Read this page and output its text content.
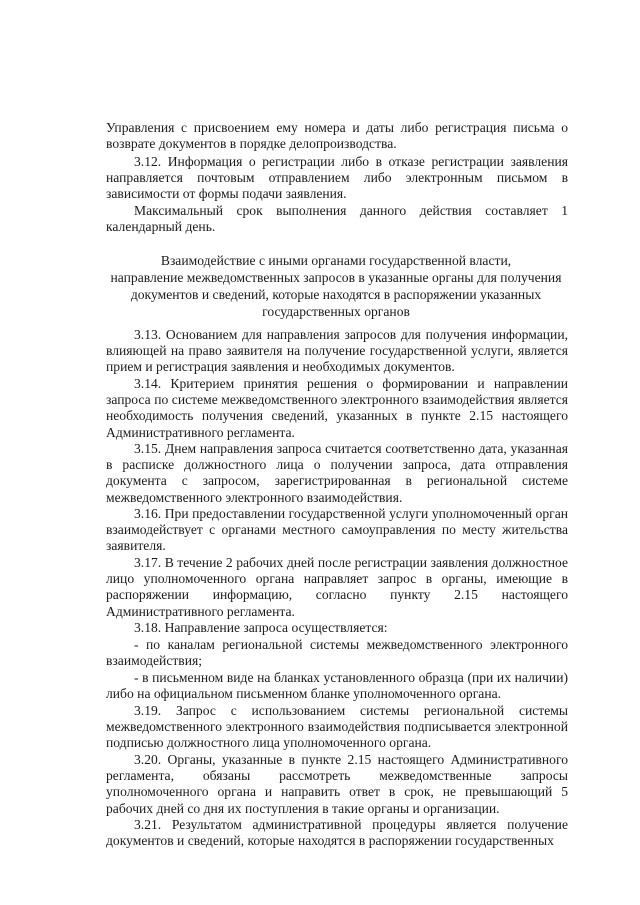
Управления с присвоением ему номера и даты либо регистрация письма о возврате документов в порядке делопроизводства.

3.12. Информация о регистрации либо в отказе регистрации заявления направляется почтовым отправлением либо электронным письмом в зависимости от формы подачи заявления.

Максимальный срок выполнения данного действия составляет 1 календарный день.

Взаимодействие с иными органами государственной власти,
направление межведомственных запросов в указанные органы для получения
документов и сведений, которые находятся в распоряжении указанных
государственных органов

3.13. Основанием для направления запросов для получения информации, влияющей на право заявителя на получение государственной услуги, является прием и регистрация заявления и необходимых документов.

3.14. Критерием принятия решения о формировании и направлении запроса по системе межведомственного электронного взаимодействия является необходимость получения сведений, указанных в пункте 2.15 настоящего Административного регламента.

3.15. Днем направления запроса считается соответственно дата, указанная в расписке должностного лица о получении запроса, дата отправления документа с запросом, зарегистрированная в региональной системе межведомственного электронного взаимодействия.

3.16. При предоставлении государственной услуги уполномоченный орган взаимодействует с органами местного самоуправления по месту жительства заявителя.

3.17. В течение 2 рабочих дней после регистрации заявления должностное лицо уполномоченного органа направляет запрос в органы, имеющие в распоряжении информацию, согласно пункту 2.15 настоящего Административного регламента.

3.18. Направление запроса осуществляется:

- по каналам региональной системы межведомственного электронного взаимодействия;

- в письменном виде на бланках установленного образца (при их наличии) либо на официальном письменном бланке уполномоченного органа.

3.19. Запрос с использованием системы региональной системы межведомственного электронного взаимодействия подписывается электронной подписью должностного лица уполномоченного органа.

3.20. Органы, указанные в пункте 2.15 настоящего Административного регламента, обязаны рассмотреть межведомственные запросы уполномоченного органа и направить ответ в срок, не превышающий 5 рабочих дней со дня их поступления в такие органы и организации.

3.21. Результатом административной процедуры является получение документов и сведений, которые находятся в распоряжении государственных
